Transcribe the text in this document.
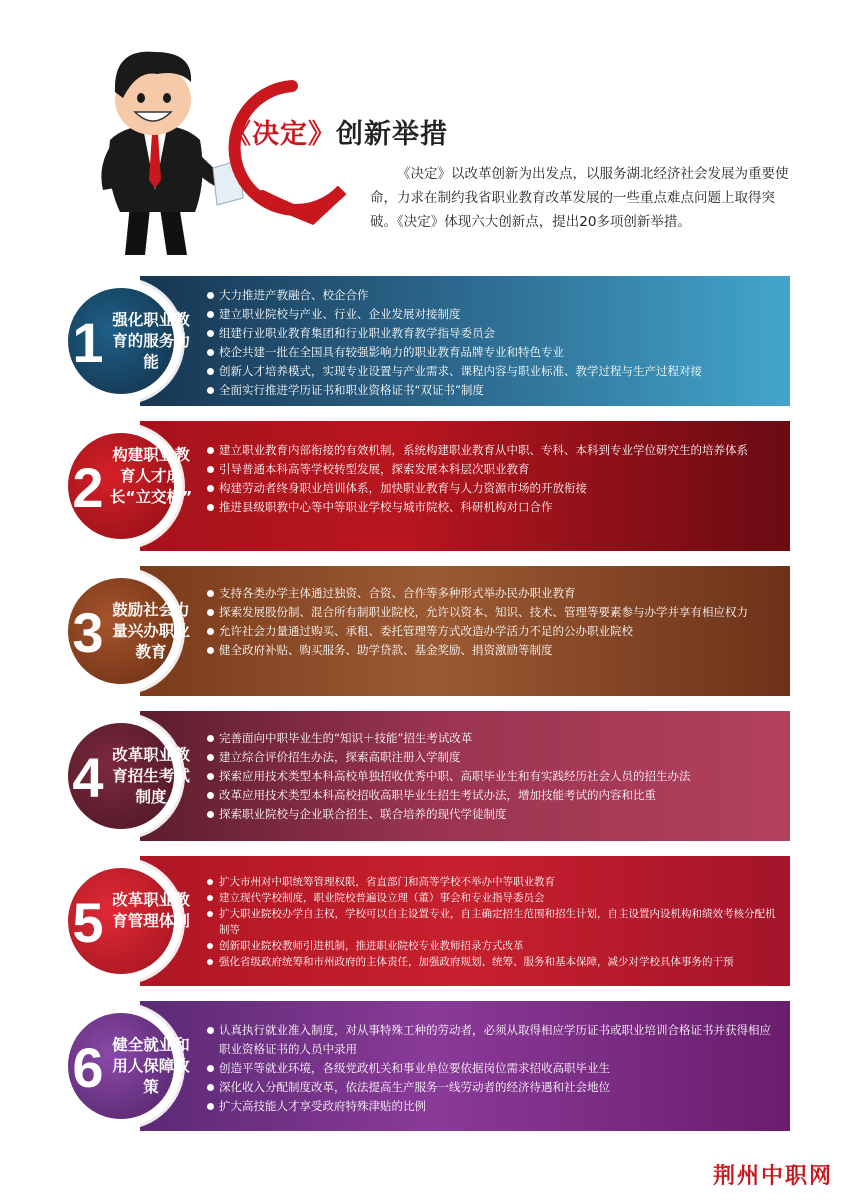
《决定》创新举措

《决定》以改革创新为出发点，以服务湖北经济社会发展为重要使命，力求在制约我省职业教育改革发展的一些重点难点问题上取得突破。《决定》体现六大创新点，提出20多项创新举措。

1 强化职业教育的服务功能
大力推进产教融合、校企合作
建立职业院校与产业、行业、企业发展对接制度
组建行业职业教育集团和行业职业教育教学指导委员会
校企共建一批在全国具有较强影响力的职业教育品牌专业和特色专业
创新人才培养模式，实现专业设置与产业需求、课程内容与职业标准、教学过程与生产过程对接
全面实行推进学历证书和职业资格证书“双证书”制度
2
构建职业教育人才成长“立交桥”
建立职业教育内部衔接的有效机制，系统构建职业教育从中职、专科、本科到专业学位研究生的培养体系
引导普通本科高等学校转型发展，探索发展本科层次职业教育
构建劳动者终身职业培训体系，加快职业教育与人力资源市场的开放衔接
推进县级职教中心等中等职业学校与城市院校、科研机构对口合作
3 鼓励社会力量兴办职业教育
支持各类办学主体通过独资、合资、合作等多种形式举办民办职业教育
探索发展股份制、混合所有制职业院校，允许以资本、知识、技术、管理等要素参与办学并享有相应权力
允许社会力量通过购买、承租、委托管理等方式改造办学活力不足的公办职业院校
健全政府补贴、购买服务、助学贷款、基金奖励、捐资激励等制度
4 改革职业教育招生考试制度
完善面向中职毕业生的“知识＋技能”招生考试改革
建立综合评价招生办法，探索高职注册入学制度
探索应用技术类型本科高校单独招收优秀中职、高职毕业生和有实践经历社会人员的招生办法
改革应用技术类型本科高校招收高职毕业生招生考试办法，增加技能考试的内容和比重
探索职业院校与企业联合招生、联合培养的现代学徒制度
5 改革职业教育管理体制
扩大市州对中职统筹管理权限，省直部门和高等学校不举办中等职业教育
建立现代学校制度，职业院校普遍设立理（董）事会和专业指导委员会
扩大职业院校办学自主权，学校可以自主设置专业，自主确定招生范围和招生计划，自主设置内设机构和绩效考核分配机制等
创新职业院校教师引进机制，推进职业院校专业教师招录方式改革
强化省级政府统筹和市州政府的主体责任，加强政府规划、统筹、服务和基本保障，减少对学校具体事务的干预
6 健全就业和用人保障政策
认真执行就业准入制度，对从事特殊工种的劳动者，必须从取得相应学历证书或职业培训合格证书并获得相应职业资格证书的人员中录用
创造平等就业环境，各级党政机关和事业单位要依据岗位需求招收高职毕业生
深化收入分配制度改革，依法提高生产服务一线劳动者的经济待遇和社会地位
扩大高技能人才享受政府特殊津贴的比例
荆州中职网
